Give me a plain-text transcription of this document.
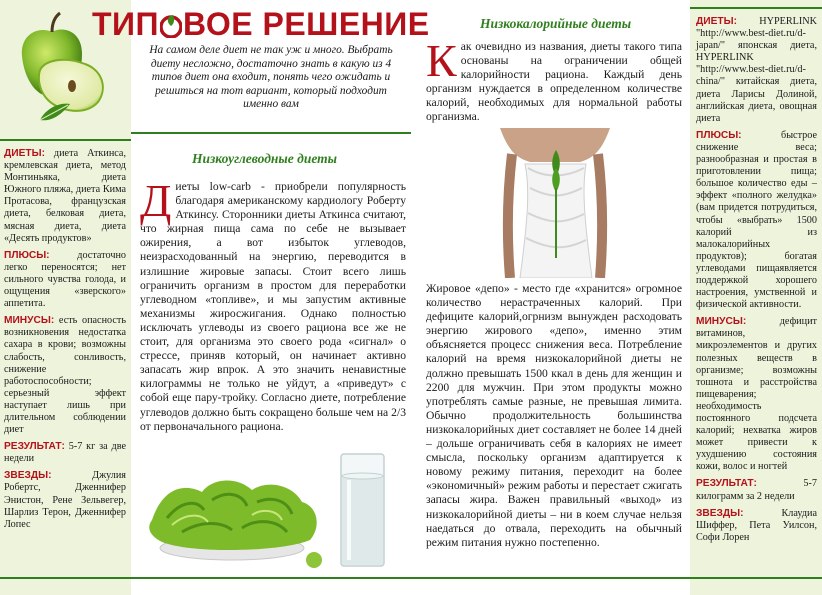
ТИП ВОЕ РЕШЕНИЕ
На самом деле диет не так уж и много. Выбрать диету несложно, достаточно знать в какую из 4 типов диет она входит, понять чего ожидать и решиться на тот вариант, который подходит именно вам

ДИЕТЫ: диета Аткинса, кремлевская диета, метод Монтиньяка, диета Южного пляжа, диета Кима Протасова, французская диета, белковая диета, мясная диета, диета «Десять продуктов»

ПЛЮСЫ: достаточно легко переносятся; нет сильного чувства голода, и ощущения «зверского» аппетита.

МИНУСЫ: есть опасность возникновения недостатка сахара в крови; возможны слабость, сонливость, снижение работоспособности; серьезный эффект наступает лишь при длительном соблюдении диет

РЕЗУЛЬТАТ: 5-7 кг за две недели

ЗВЕЗДЫ: Джулия Робертс, Дженнифер Энистон, Рене Зельвегер, Шарлиз Терон, Дженнифер Лопес

Низкоуглеводные диеты
Диеты low-carb - приобрели популярность благодаря американскому кардиологу Роберту Аткинсу. Сторонники диеты Аткинса считают, что жирная пища сама по себе не вызывает ожирения, а вот избыток углеводов, неизрасходованный на энергию, переводится в излишние жировые запасы. Стоит всего лишь ограничить организм в простом для переработки углеводном «топливе», и мы запустим активные механизмы жиросжигания. Однако полностью исключать углеводы из своего рациона все же не стоит, для организма это своего рода «сигнал» о стрессе, приняв который, он начинает активно запасать жир впрок. А это значить ненавистные килограммы не только не уйдут, а «приведут» с собой еще пару-тройку. Согласно диете, потребление углеводов должно быть сокращено больше чем на 2/3 от первоначального рациона.
Низкокалорийные диеты
Как очевидно из названия, диеты такого типа основаны на ограничении общей калорийности рациона. Каждый день организм нуждается в определенном количестве калорий, необходимых для нормальной работы организма.
Жировое «депо» - место где «хранится» огромное количество нерастраченных калорий. При дефиците калорий,огрнизм вынужден расходовать энергию жирового «депо», именно этим объясняется процесс снижения веса. Потребление калорий на время низкокалорийной диеты не должно превышать 1500 ккал в день для женщин и 2200 для мужчин. При этом продукты можно употреблять самые разные, не превышая лимита. Обычно продолжительность большинства низкокалорийных диет составляет не более 14 дней – дольше ограничивать себя в калориях не имеет смысла, поскольку организм адаптируется к новому режиму питания, переходит на более «экономичный» режим работы и перестает сжигать запасы жира. Важен правильный «выход» из низкокалорийной диеты – ни в коем случае нельзя наедаться до отвала, переходить на обычный режим питания нужно постепенно.

ДИЕТЫ: HYPERLINK "http://www.best-diet.ru/d-japan/" японская диета, HYPERLINK "http://www.best-diet.ru/d-china/" китайская диета, диета Ларисы Долиной, английская диета, овощная диета

ПЛЮСЫ: быстрое снижение веса; разнообразная и простая в приготовлении пища; большое количество еды – эффект «полного желудка» (вам придется потрудиться, чтобы «выбрать» 1500 калорий из малокалорийных продуктов); богатая углеводами пищаявляется поддержкой хорошего настроения, умственной и физической активности.

МИНУСЫ: дефицит витаминов, микроэлементов и других полезных веществ в организме; возможны тошнота и расстройства пищеварения; необходимость постоянного подсчета калорий; нехватка жиров может привести к ухудшению состояния кожи, волос и ногтей

РЕЗУЛЬТАТ: 5-7 килограмм за 2 недели

ЗВЕЗДЫ: Клаудиа Шиффер, Пета Уилсон, Софи Лорен
